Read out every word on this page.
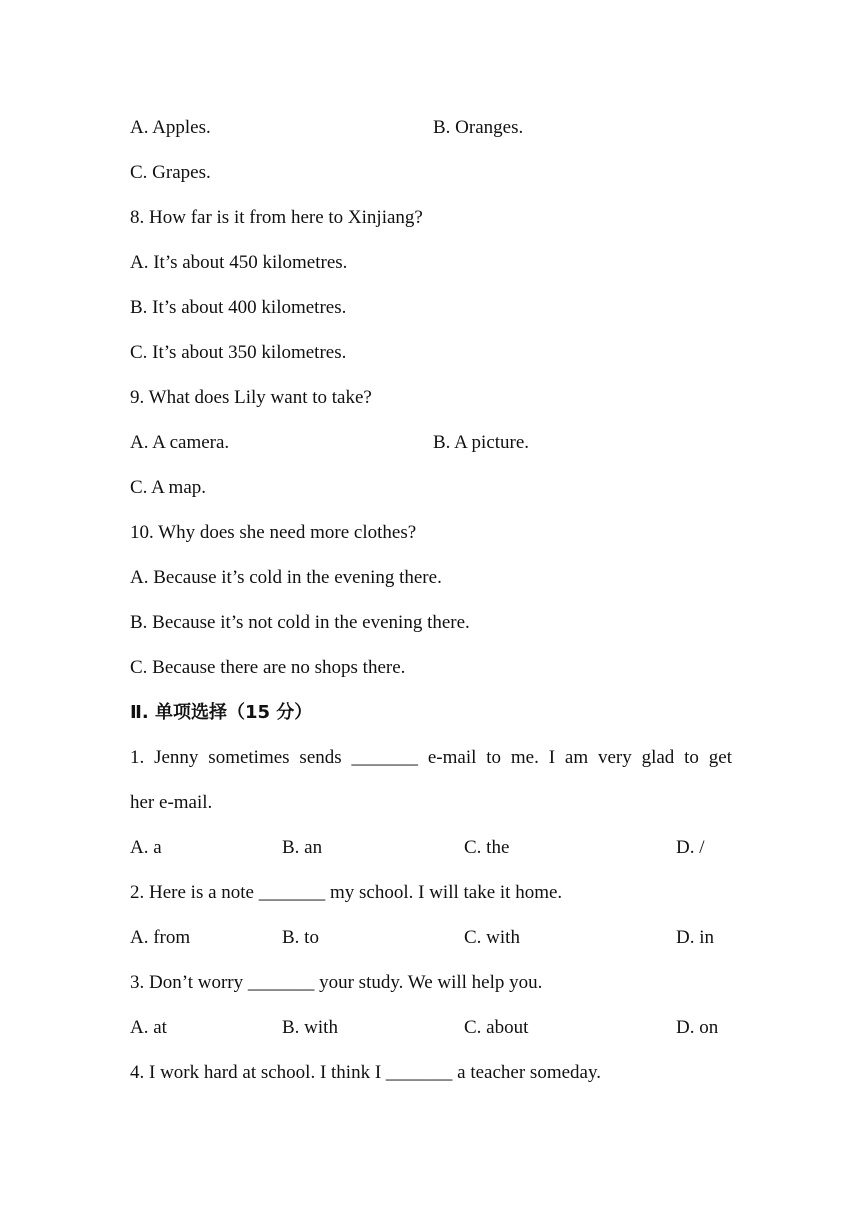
A. Apples.	B. Oranges.
C. Grapes.
8. How far is it from here to Xinjiang?
A. It’s about 450 kilometres.
B. It’s about 400 kilometres.
C. It’s about 350 kilometres.
9. What does Lily want to take?
A. A camera.	B. A picture.
C. A map.
10. Why does she need more clothes?
A. Because it’s cold in the evening there.
B. Because it’s not cold in the evening there.
C. Because there are no shops there.
Ⅱ. 单项选择（15 分）
1. Jenny sometimes sends _______ e-mail to me. I am very glad to get
her e-mail.
A. a	B. an	C. the	D. /
2. Here is a note _______ my school. I will take it home.
A. from	B. to	C. with	D. in
3. Don’t worry _______ your study. We will help you.
A. at	B. with	C. about	D. on
4. I work hard at school. I think I _______ a teacher someday.
